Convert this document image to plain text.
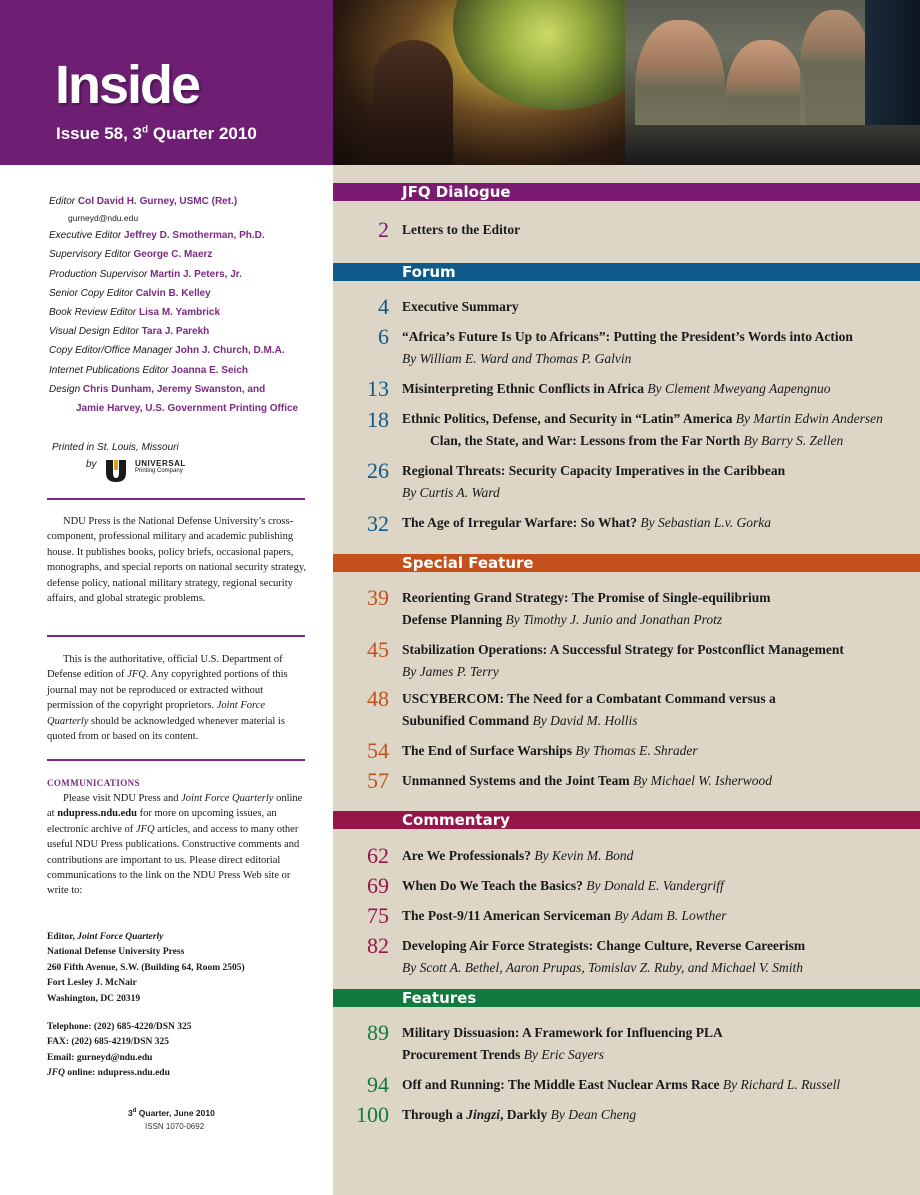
Inside
Issue 58, 3$^d$ Quarter 2010
Editor Col David H. Gurney, USMC (Ret.)
gurneyd@ndu.edu
Executive Editor Jeffrey D. Smotherman, Ph.D.
Supervisory Editor George C. Maerz
Production Supervisor Martin J. Peters, Jr.
Senior Copy Editor Calvin B. Kelley
Book Review Editor Lisa M. Yambrick
Visual Design Editor Tara J. Parekh
Copy Editor/Office Manager John J. Church, D.M.A.
Internet Publications Editor Joanna E. Seich
Design Chris Dunham, Jeremy Swanston, and
Jamie Harvey, U.S. Government Printing Office
Printed in St. Louis, Missouri
by	UNIVERSAL
Printing Company
NDU Press is the National Defense University’s cross-component, professional military and academic publishing house. It publishes books, policy briefs, occasional papers, monographs, and special reports on national security strategy, defense policy, national military strategy, regional security affairs, and global strategic problems.
This is the authoritative, official U.S. Department of Defense edition of JFQ. Any copyrighted portions of this journal may not be reproduced or extracted without permission of the copyright proprietors. Joint Force Quarterly should be acknowledged whenever material is quoted from or based on its content.
COMMUNICATIONS
Please visit NDU Press and Joint Force Quarterly online at ndupress.ndu.edu for more on upcoming issues, an electronic archive of JFQ articles, and access to many other useful NDU Press publications. Constructive comments and contributions are important to us. Please direct editorial communications to the link on the NDU Press Web site or write to:
Editor, Joint Force Quarterly
National Defense University Press
260 Fifth Avenue, S.W. (Building 64, Room 2505)
Fort Lesley J. McNair
Washington, DC 20319
Telephone: (202) 685-4220/DSN 325
FAX: (202) 685-4219/DSN 325
Email: gurneyd@ndu.edu
JFQ online: ndupress.ndu.edu
3$^d$ Quarter, June 2010
ISSN 1070-0692
JFQ Dialogue
2 Letters to the Editor
Forum
4 Executive Summary
6 “Africa’s Future Is Up to Africans”: Putting the President’s Words into Action
By William E. Ward and Thomas P. Galvin
13 Misinterpreting Ethnic Conflicts in Africa By Clement Mweyang Aapengnuo
18 Ethnic Politics, Defense, and Security in “Latin” America By Martin Edwin Andersen
Clan, the State, and War: Lessons from the Far North By Barry S. Zellen
26 Regional Threats: Security Capacity Imperatives in the Caribbean
By Curtis A. Ward
32 The Age of Irregular Warfare: So What? By Sebastian L.v. Gorka
Special Feature
39 Reorienting Grand Strategy: The Promise of Single-equilibrium
Defense Planning By Timothy J. Junio and Jonathan Protz
45 Stabilization Operations: A Successful Strategy for Postconflict Management
By James P. Terry
48 USCYBERCOM: The Need for a Combatant Command versus a
Subunified Command By David M. Hollis
54 The End of Surface Warships By Thomas E. Shrader
57 Unmanned Systems and the Joint Team By Michael W. Isherwood
Commentary
62 Are We Professionals? By Kevin M. Bond
69 When Do We Teach the Basics? By Donald E. Vandergriff
75 The Post-9/11 American Serviceman By Adam B. Lowther
82 Developing Air Force Strategists: Change Culture, Reverse Careerism
By Scott A. Bethel, Aaron Prupas, Tomislav Z. Ruby, and Michael V. Smith
Features
89 Military Dissuasion: A Framework for Influencing PLA
Procurement Trends By Eric Sayers
94 Off and Running: The Middle East Nuclear Arms Race By Richard L. Russell
100 Through a Jingzi, Darkly By Dean Cheng
